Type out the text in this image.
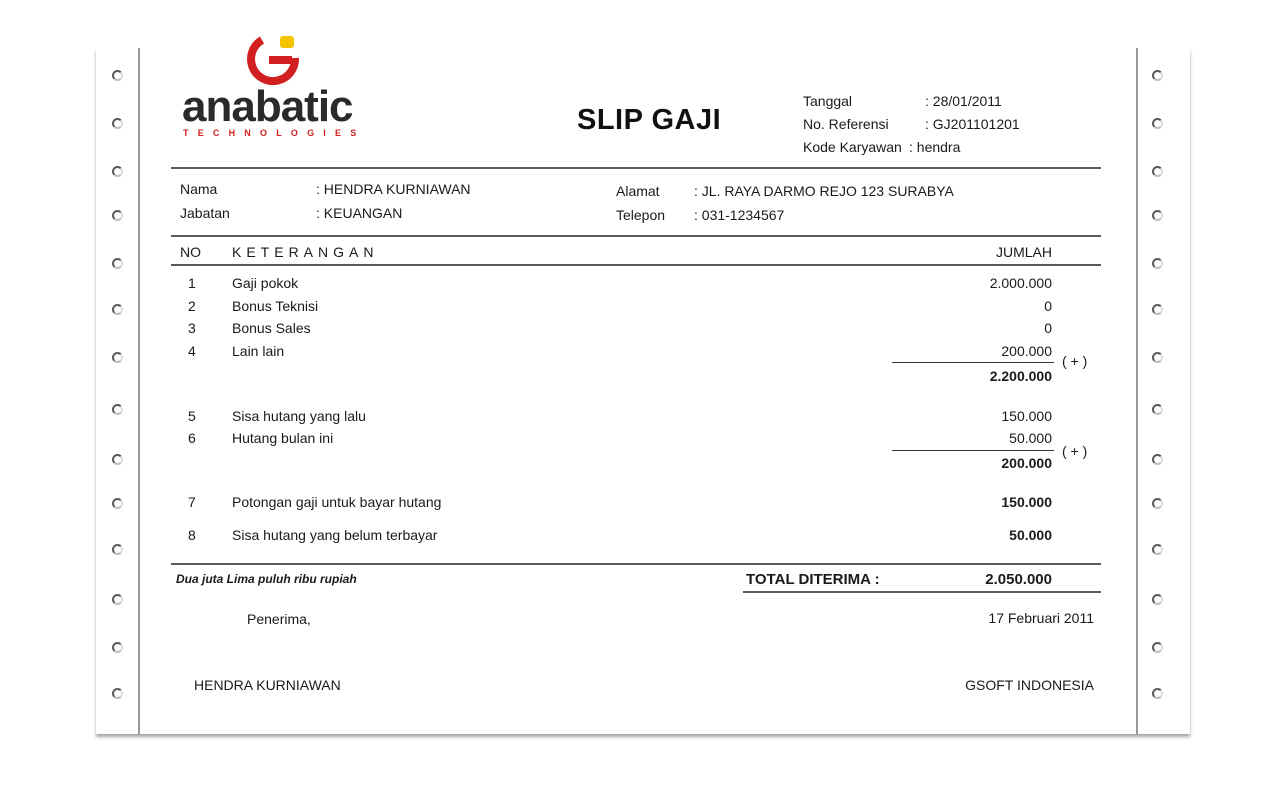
anabatic
TECHNOLOGIES	SLIP GAJI
Tanggal	: 28/01/2011
No. Referensi	: GJ201101201
Kode Karyawan : hendra
Nama	: HENDRA KURNIAWAN
Jabatan	: KEUANGAN
Alamat : JL. RAYA DARMO REJO 123 SURABYA
Telepon : 031-1234567
NO KETERANGAN	JUMLAH
1	Gaji pokok	2.000.000
2	Bonus Teknisi	0
3	Bonus Sales	0
4	Lain lain	200.000
( + )
2.200.000
5	Sisa hutang yang lalu	150.000
6	Hutang bulan ini	50.000
( + )
200.000
7	Potongan gaji untuk bayar hutang	150.000
8	Sisa hutang yang belum terbayar	50.000
Dua juta Lima puluh ribu rupiah	TOTAL DITERIMA :	2.050.000
Penerima,	17 Februari 2011
HENDRA KURNIAWAN	GSOFT INDONESIA
